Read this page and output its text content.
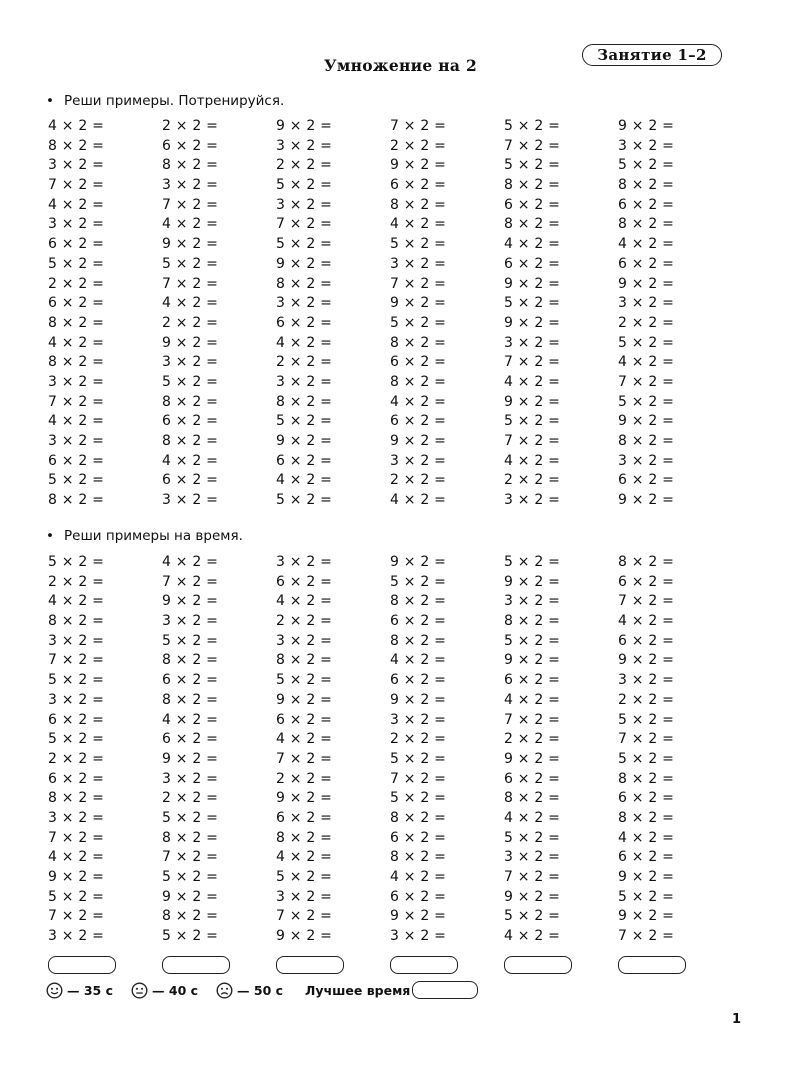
Занятие 1–2
Умножение на 2
• Реши примеры. Потренируйся.
4 × 2 =	2 × 2 =	9 × 2 =	7 × 2 =	5 × 2 =	9 × 2 =
8 × 2 =	6 × 2 =	3 × 2 =	2 × 2 =	7 × 2 =	3 × 2 =
3 × 2 =	8 × 2 =	2 × 2 =	9 × 2 =	5 × 2 =	5 × 2 =
7 × 2 =	3 × 2 =	5 × 2 =	6 × 2 =	8 × 2 =	8 × 2 =
4 × 2 =	7 × 2 =	3 × 2 =	8 × 2 =	6 × 2 =	6 × 2 =
3 × 2 =	4 × 2 =	7 × 2 =	4 × 2 =	8 × 2 =	8 × 2 =
6 × 2 =	9 × 2 =	5 × 2 =	5 × 2 =	4 × 2 =	4 × 2 =
5 × 2 =	5 × 2 =	9 × 2 =	3 × 2 =	6 × 2 =	6 × 2 =
2 × 2 =	7 × 2 =	8 × 2 =	7 × 2 =	9 × 2 =	9 × 2 =
6 × 2 =	4 × 2 =	3 × 2 =	9 × 2 =	5 × 2 =	3 × 2 =
8 × 2 =	2 × 2 =	6 × 2 =	5 × 2 =	9 × 2 =	2 × 2 =
4 × 2 =	9 × 2 =	4 × 2 =	8 × 2 =	3 × 2 =	5 × 2 =
8 × 2 =	3 × 2 =	2 × 2 =	6 × 2 =	7 × 2 =	4 × 2 =
3 × 2 =	5 × 2 =	3 × 2 =	8 × 2 =	4 × 2 =	7 × 2 =
7 × 2 =	8 × 2 =	8 × 2 =	4 × 2 =	9 × 2 =	5 × 2 =
4 × 2 =	6 × 2 =	5 × 2 =	6 × 2 =	5 × 2 =	9 × 2 =
3 × 2 =	8 × 2 =	9 × 2 =	9 × 2 =	7 × 2 =	8 × 2 =
6 × 2 =	4 × 2 =	6 × 2 =	3 × 2 =	4 × 2 =	3 × 2 =
5 × 2 =	6 × 2 =	4 × 2 =	2 × 2 =	2 × 2 =	6 × 2 =
8 × 2 =	3 × 2 =	5 × 2 =	4 × 2 =	3 × 2 =	9 × 2 =
• Реши примеры на время.
5 × 2 =	4 × 2 =	3 × 2 =	9 × 2 =	5 × 2 =	8 × 2 =
2 × 2 =	7 × 2 =	6 × 2 =	5 × 2 =	9 × 2 =	6 × 2 =
4 × 2 =	9 × 2 =	4 × 2 =	8 × 2 =	3 × 2 =	7 × 2 =
8 × 2 =	3 × 2 =	2 × 2 =	6 × 2 =	8 × 2 =	4 × 2 =
3 × 2 =	5 × 2 =	3 × 2 =	8 × 2 =	5 × 2 =	6 × 2 =
7 × 2 =	8 × 2 =	8 × 2 =	4 × 2 =	9 × 2 =	9 × 2 =
5 × 2 =	6 × 2 =	5 × 2 =	6 × 2 =	6 × 2 =	3 × 2 =
3 × 2 =	8 × 2 =	9 × 2 =	9 × 2 =	4 × 2 =	2 × 2 =
6 × 2 =	4 × 2 =	6 × 2 =	3 × 2 =	7 × 2 =	5 × 2 =
5 × 2 =	6 × 2 =	4 × 2 =	2 × 2 =	2 × 2 =	7 × 2 =
2 × 2 =	9 × 2 =	7 × 2 =	5 × 2 =	9 × 2 =	5 × 2 =
6 × 2 =	3 × 2 =	2 × 2 =	7 × 2 =	6 × 2 =	8 × 2 =
8 × 2 =	2 × 2 =	9 × 2 =	5 × 2 =	8 × 2 =	6 × 2 =
3 × 2 =	5 × 2 =	6 × 2 =	8 × 2 =	4 × 2 =	8 × 2 =
7 × 2 =	8 × 2 =	8 × 2 =	6 × 2 =	5 × 2 =	4 × 2 =
4 × 2 =	7 × 2 =	4 × 2 =	8 × 2 =	3 × 2 =	6 × 2 =
9 × 2 =	5 × 2 =	5 × 2 =	4 × 2 =	7 × 2 =	9 × 2 =
5 × 2 =	9 × 2 =	3 × 2 =	6 × 2 =	9 × 2 =	5 × 2 =
7 × 2 =	8 × 2 =	7 × 2 =	9 × 2 =	5 × 2 =	9 × 2 =
3 × 2 =	5 × 2 =	9 × 2 =	3 × 2 =	4 × 2 =	7 × 2 =
— 35 с	— 40 с	— 50 с Лучшее время
1
